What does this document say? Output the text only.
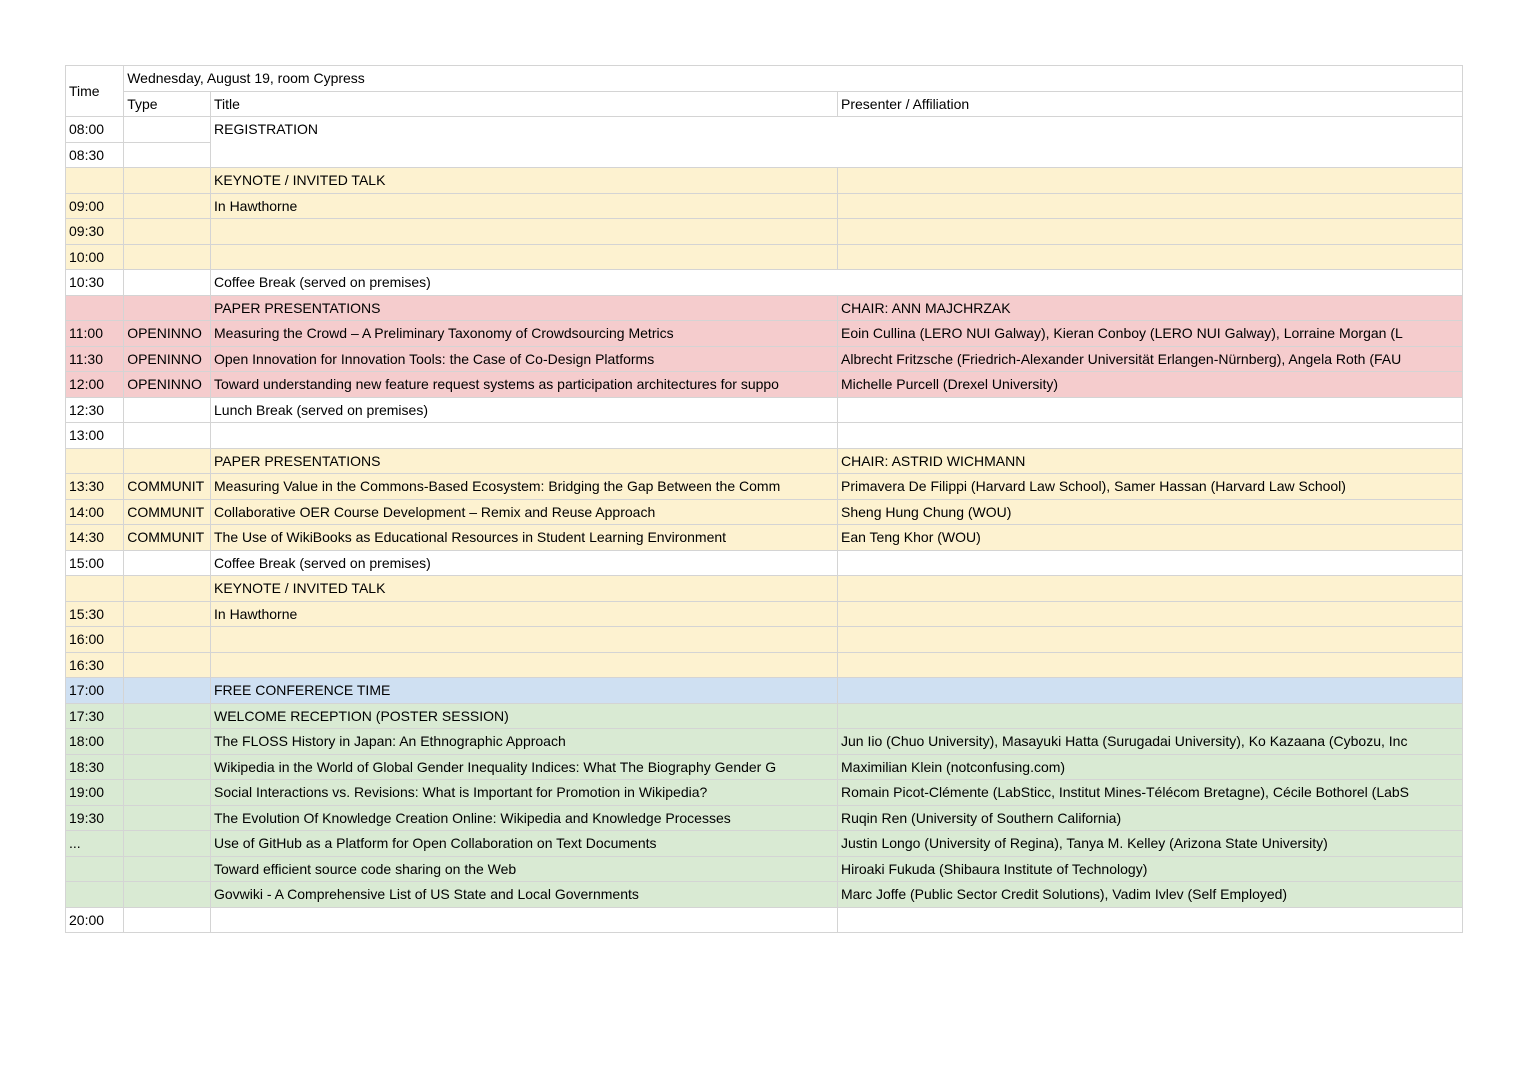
Time	Wednesday, August 19, room Cypress		
	Type	Title	Presenter / Affiliation
08:00		REGISTRATION	
08:30			
		KEYNOTE / INVITED TALK	
09:00		In Hawthorne	
09:30			
10:00			
10:30		Coffee Break (served on premises)	
		PAPER PRESENTATIONS	CHAIR: ANN MAJCHRZAK
11:00	OPENINNO	Measuring the Crowd – A Preliminary Taxonomy of Crowdsourcing Metrics	Eoin Cullina (LERO NUI Galway), Kieran Conboy (LERO NUI Galway), Lorraine Morgan (L
11:30	OPENINNO	Open Innovation for Innovation Tools: the Case of Co-Design Platforms	Albrecht Fritzsche (Friedrich-Alexander Universität Erlangen-Nürnberg), Angela Roth (FAU
12:00	OPENINNO	Toward understanding new feature request systems as participation architectures for suppo	Michelle Purcell (Drexel University)
12:30		Lunch Break (served on premises)	
13:00			
		PAPER PRESENTATIONS	CHAIR: ASTRID WICHMANN
13:30	COMMUNIT	Measuring Value in the Commons-Based Ecosystem: Bridging the Gap Between the Comm	Primavera De Filippi (Harvard Law School), Samer Hassan (Harvard Law School)
14:00	COMMUNIT	Collaborative OER Course Development – Remix and Reuse Approach	Sheng Hung Chung (WOU)
14:30	COMMUNIT	The Use of WikiBooks as Educational Resources in Student Learning Environment	Ean Teng Khor (WOU)
15:00		Coffee Break (served on premises)	
		KEYNOTE / INVITED TALK	
15:30		In Hawthorne	
16:00			
16:30			
17:00		FREE CONFERENCE TIME	
17:30		WELCOME RECEPTION (POSTER SESSION)	
18:00		The FLOSS History in Japan: An Ethnographic Approach	Jun Iio (Chuo University), Masayuki Hatta (Surugadai University), Ko Kazaana (Cybozu, Inc
18:30		Wikipedia in the World of Global Gender Inequality Indices: What The Biography Gender G	Maximilian Klein (notconfusing.com)
19:00		Social Interactions vs. Revisions: What is Important for Promotion in Wikipedia?	Romain Picot-Clémente (LabSticc, Institut Mines-Télécom Bretagne), Cécile Bothorel (LabS
19:30		The Evolution Of Knowledge Creation Online: Wikipedia and Knowledge Processes	Ruqin Ren (University of Southern California)
...		Use of GitHub as a Platform for Open Collaboration on Text Documents	Justin Longo (University of Regina), Tanya M. Kelley (Arizona State University)
		Toward efficient source code sharing on the Web	Hiroaki Fukuda (Shibaura Institute of Technology)
		Govwiki - A Comprehensive List of US State and Local Governments	Marc Joffe (Public Sector Credit Solutions), Vadim Ivlev (Self Employed)
20:00			
